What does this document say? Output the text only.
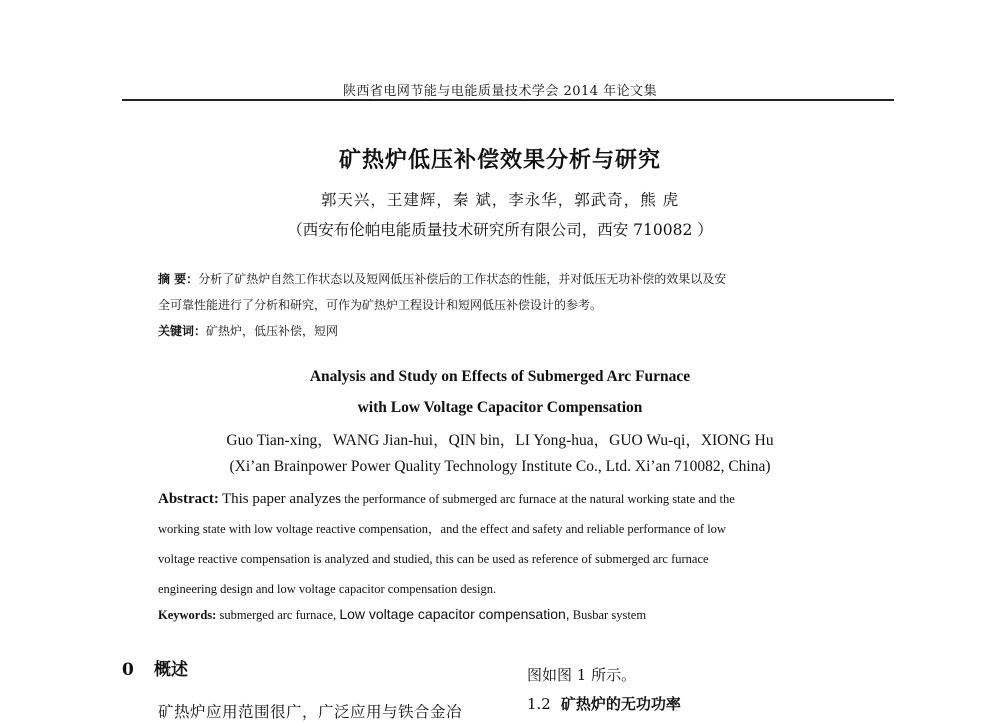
陕西省电网节能与电能质量技术学会 2014 年论文集
矿热炉低压补偿效果分析与研究
郭天兴，王建辉，秦 斌，李永华，郭武奇，熊 虎
（西安布伦帕电能质量技术研究所有限公司，西安 710082 ）
摘 要：分析了矿热炉自然工作状态以及短网低压补偿后的工作状态的性能，并对低压无功补偿的效果以及安
全可靠性能进行了分析和研究，可作为矿热炉工程设计和短网低压补偿设计的参考。
关键词：矿热炉，低压补偿，短网
Analysis and Study on Effects of Submerged Arc Furnace
with Low Voltage Capacitor Compensation
Guo Tian-xing，WANG Jian-hui，QIN bin，LI Yong-hua，GUO Wu-qi，XIONG Hu
(Xi’an Brainpower Power Quality Technology Institute Co., Ltd. Xi’an 710082, China)
Abstract: This paper analyzes the performance of submerged arc furnace at the natural working state and the
working state with low voltage reactive compensation，and the effect and safety and reliable performance of low
voltage reactive compensation is analyzed and studied, this can be used as reference of submerged arc furnace
engineering design and low voltage capacitor compensation design.
Keywords: submerged arc furnace, Low voltage capacitor compensation, Busbar system
0 概述
矿热炉应用范围很广，广泛应用与铁合金冶
图如图 1 所示。
1.2 矿热炉的无功功率
